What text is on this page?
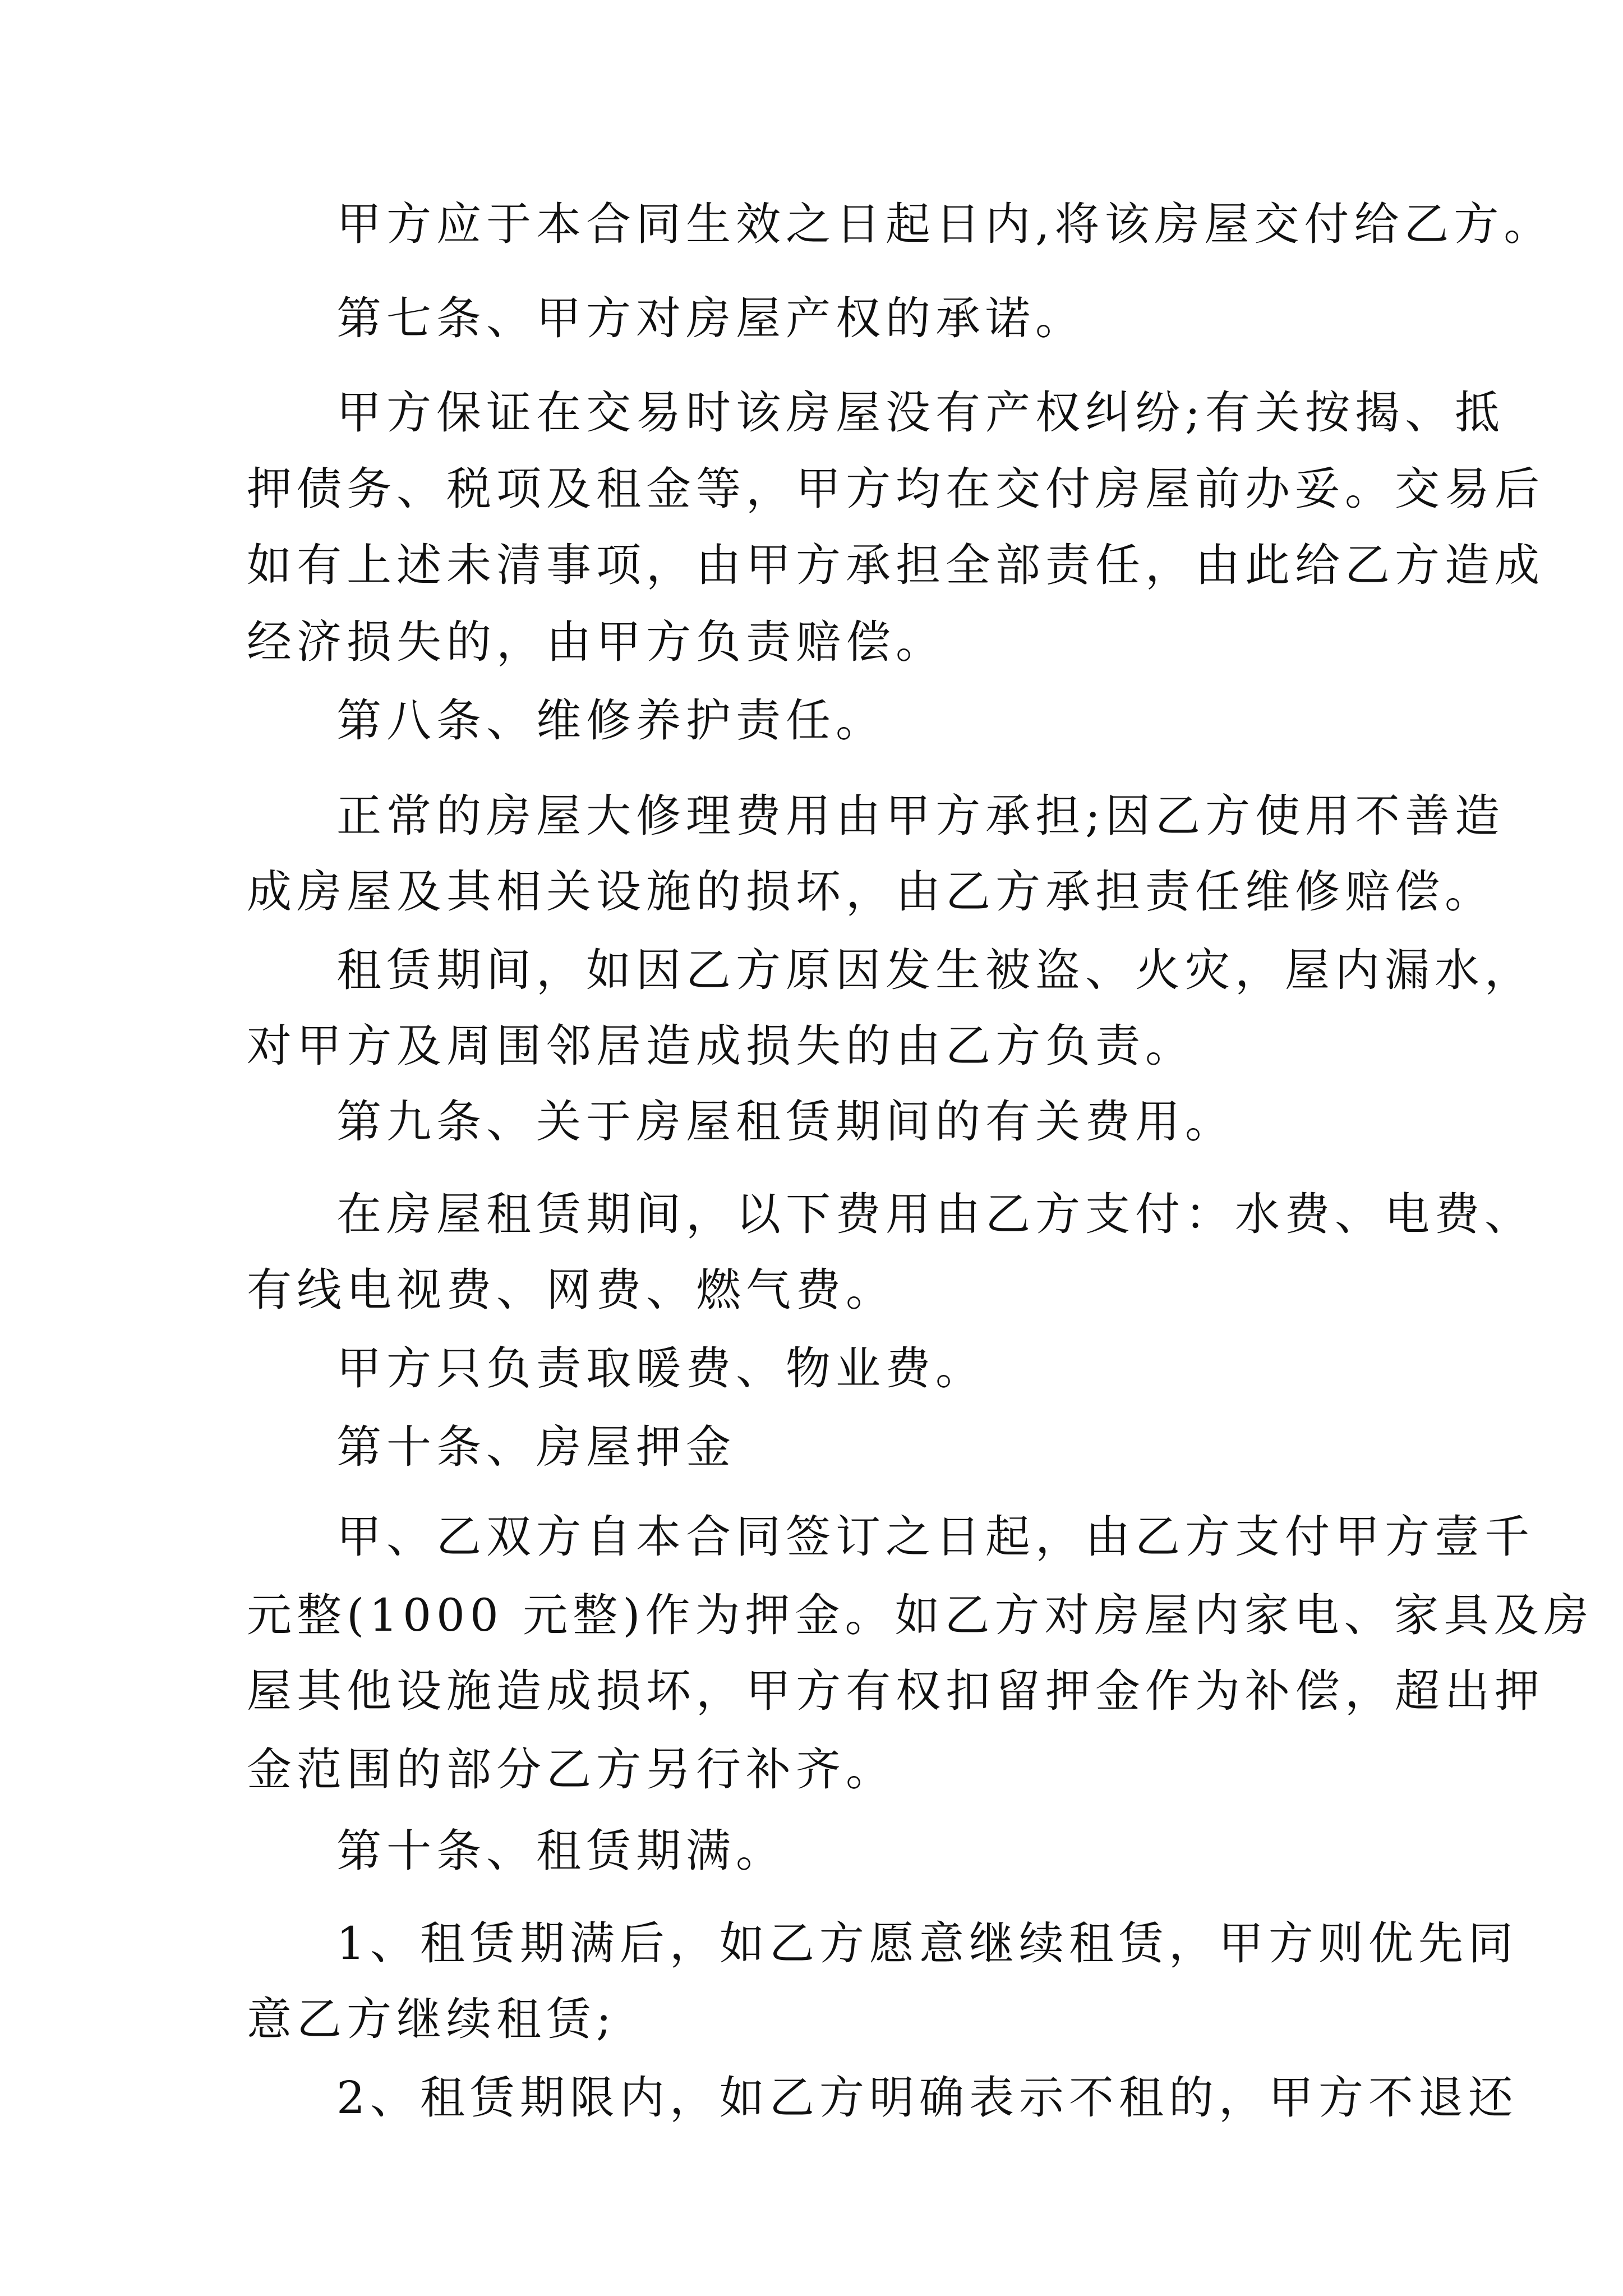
甲方应于本合同生效之日起日内,将该房屋交付给乙方。
第七条、甲方对房屋产权的承诺。
甲方保证在交易时该房屋没有产权纠纷;有关按揭、抵
押债务、税项及租金等，甲方均在交付房屋前办妥。交易后
如有上述未清事项，由甲方承担全部责任，由此给乙方造成
经济损失的，由甲方负责赔偿。
第八条、维修养护责任。
正常的房屋大修理费用由甲方承担;因乙方使用不善造
成房屋及其相关设施的损坏，由乙方承担责任维修赔偿。
租赁期间，如因乙方原因发生被盗、火灾，屋内漏水，
对甲方及周围邻居造成损失的由乙方负责。
第九条、关于房屋租赁期间的有关费用。
在房屋租赁期间，以下费用由乙方支付：水费、电费、
有线电视费、网费、燃气费。
甲方只负责取暖费、物业费。
第十条、房屋押金
甲、乙双方自本合同签订之日起，由乙方支付甲方壹千
元整(1000 元整)作为押金。如乙方对房屋内家电、家具及房
屋其他设施造成损坏，甲方有权扣留押金作为补偿，超出押
金范围的部分乙方另行补齐。
第十条、租赁期满。
1、租赁期满后，如乙方愿意继续租赁，甲方则优先同
意乙方继续租赁;
2、租赁期限内，如乙方明确表示不租的，甲方不退还
